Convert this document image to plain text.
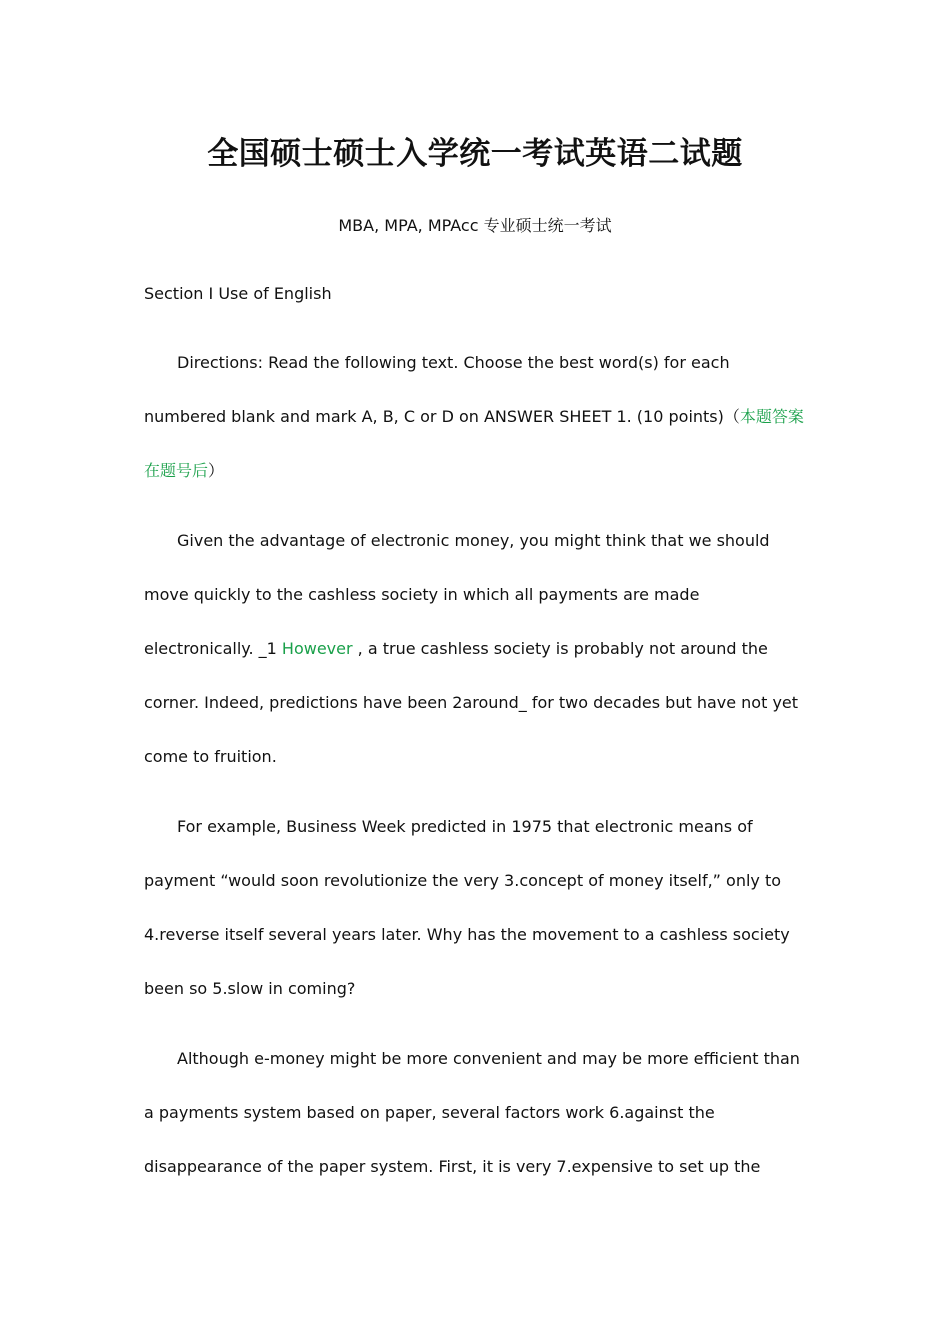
全国硕士硕士入学统一考试英语二试题

MBA, MPA, MPAcc 专业硕士统一考试

Section I Use of English

Directions: Read the following text. Choose the best word(s) for each numbered blank and mark A, B, C or D on ANSWER SHEET 1. (10 points)（本题答案在题号后）

Given the advantage of electronic money, you might think that we should move quickly to the cashless society in which all payments are made electronically. _1 However , a true cashless society is probably not around the corner. Indeed, predictions have been 2around_ for two decades but have not yet come to fruition.

For example, Business Week predicted in 1975 that electronic means of payment “would soon revolutionize the very 3.concept of money itself,” only to 4.reverse itself several years later. Why has the movement to a cashless society been so 5.slow in coming?

Although e-money might be more convenient and may be more efficient than a payments system based on paper, several factors work 6.against the disappearance of the paper system. First, it is very 7.expensive to set up the
